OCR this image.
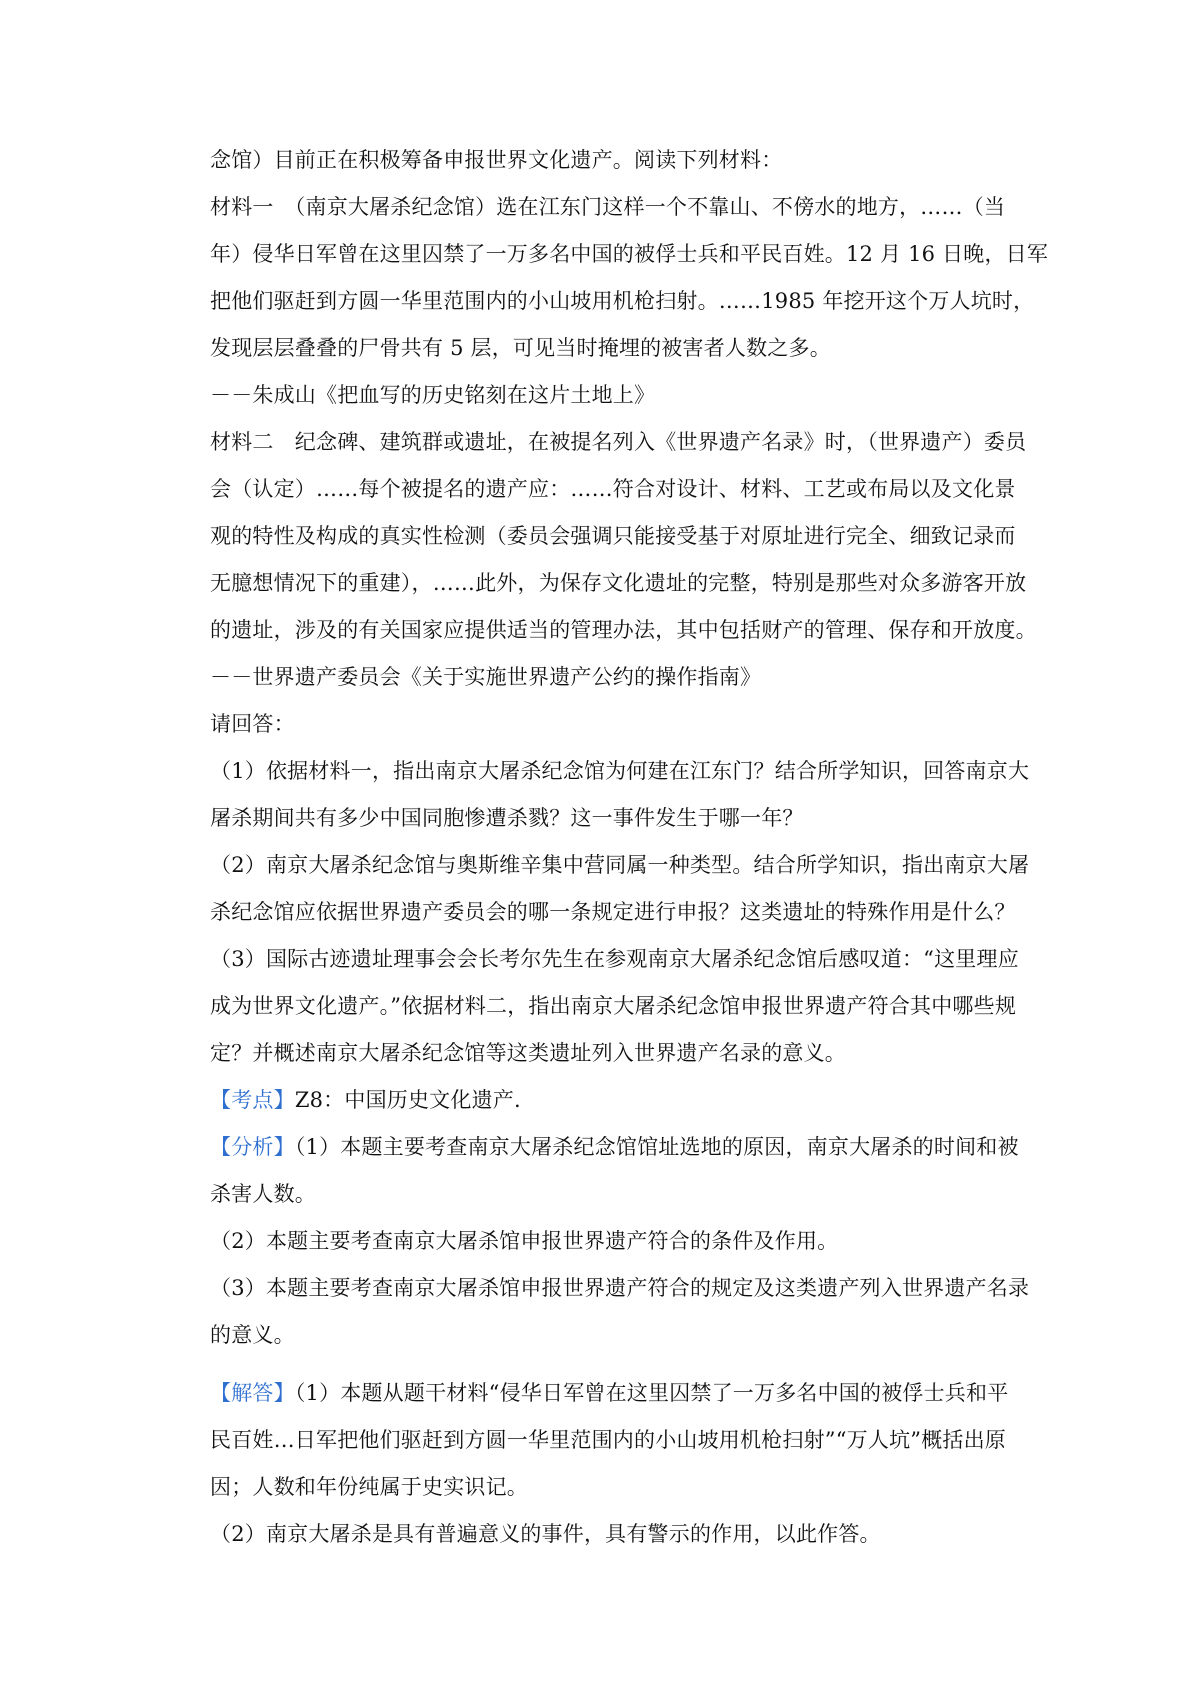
念馆）目前正在积极筹备申报世界文化遗产。阅读下列材料：
材料一　（南京大屠杀纪念馆）选在江东门这样一个不靠山、不傍水的地方，……（当
年）侵华日军曾在这里囚禁了一万多名中国的被俘士兵和平民百姓。12 月 16 日晚，日军
把他们驱赶到方圆一华里范围内的小山坡用机枪扫射。……1985 年挖开这个万人坑时，
发现层层叠叠的尸骨共有 5 层，可见当时掩埋的被害者人数之多。
－－朱成山《把血写的历史铭刻在这片土地上》
材料二　纪念碑、建筑群或遗址，在被提名列入《世界遗产名录》时，（世界遗产）委员
会（认定）……每个被提名的遗产应：……符合对设计、材料、工艺或布局以及文化景
观的特性及构成的真实性检测（委员会强调只能接受基于对原址进行完全、细致记录而
无臆想情况下的重建），……此外，为保存文化遗址的完整，特别是那些对众多游客开放
的遗址，涉及的有关国家应提供适当的管理办法，其中包括财产的管理、保存和开放度。
－－世界遗产委员会《关于实施世界遗产公约的操作指南》
请回答：
（1）依据材料一，指出南京大屠杀纪念馆为何建在江东门？结合所学知识，回答南京大
屠杀期间共有多少中国同胞惨遭杀戮？这一事件发生于哪一年？
（2）南京大屠杀纪念馆与奥斯维辛集中营同属一种类型。结合所学知识，指出南京大屠
杀纪念馆应依据世界遗产委员会的哪一条规定进行申报？这类遗址的特殊作用是什么？
（3）国际古迹遗址理事会会长考尔先生在参观南京大屠杀纪念馆后感叹道：“这里理应
成为世界文化遗产。”依据材料二，指出南京大屠杀纪念馆申报世界遗产符合其中哪些规
定？并概述南京大屠杀纪念馆等这类遗址列入世界遗产名录的意义。
【考点】Z8：中国历史文化遗产.
【分析】（1）本题主要考查南京大屠杀纪念馆馆址选地的原因，南京大屠杀的时间和被
杀害人数。
（2）本题主要考查南京大屠杀馆申报世界遗产符合的条件及作用。
（3）本题主要考查南京大屠杀馆申报世界遗产符合的规定及这类遗产列入世界遗产名录
的意义。
【解答】（1）本题从题干材料“侵华日军曾在这里囚禁了一万多名中国的被俘士兵和平
民百姓…日军把他们驱赶到方圆一华里范围内的小山坡用机枪扫射”“万人坑”概括出原
因；人数和年份纯属于史实识记。
（2）南京大屠杀是具有普遍意义的事件，具有警示的作用，以此作答。
